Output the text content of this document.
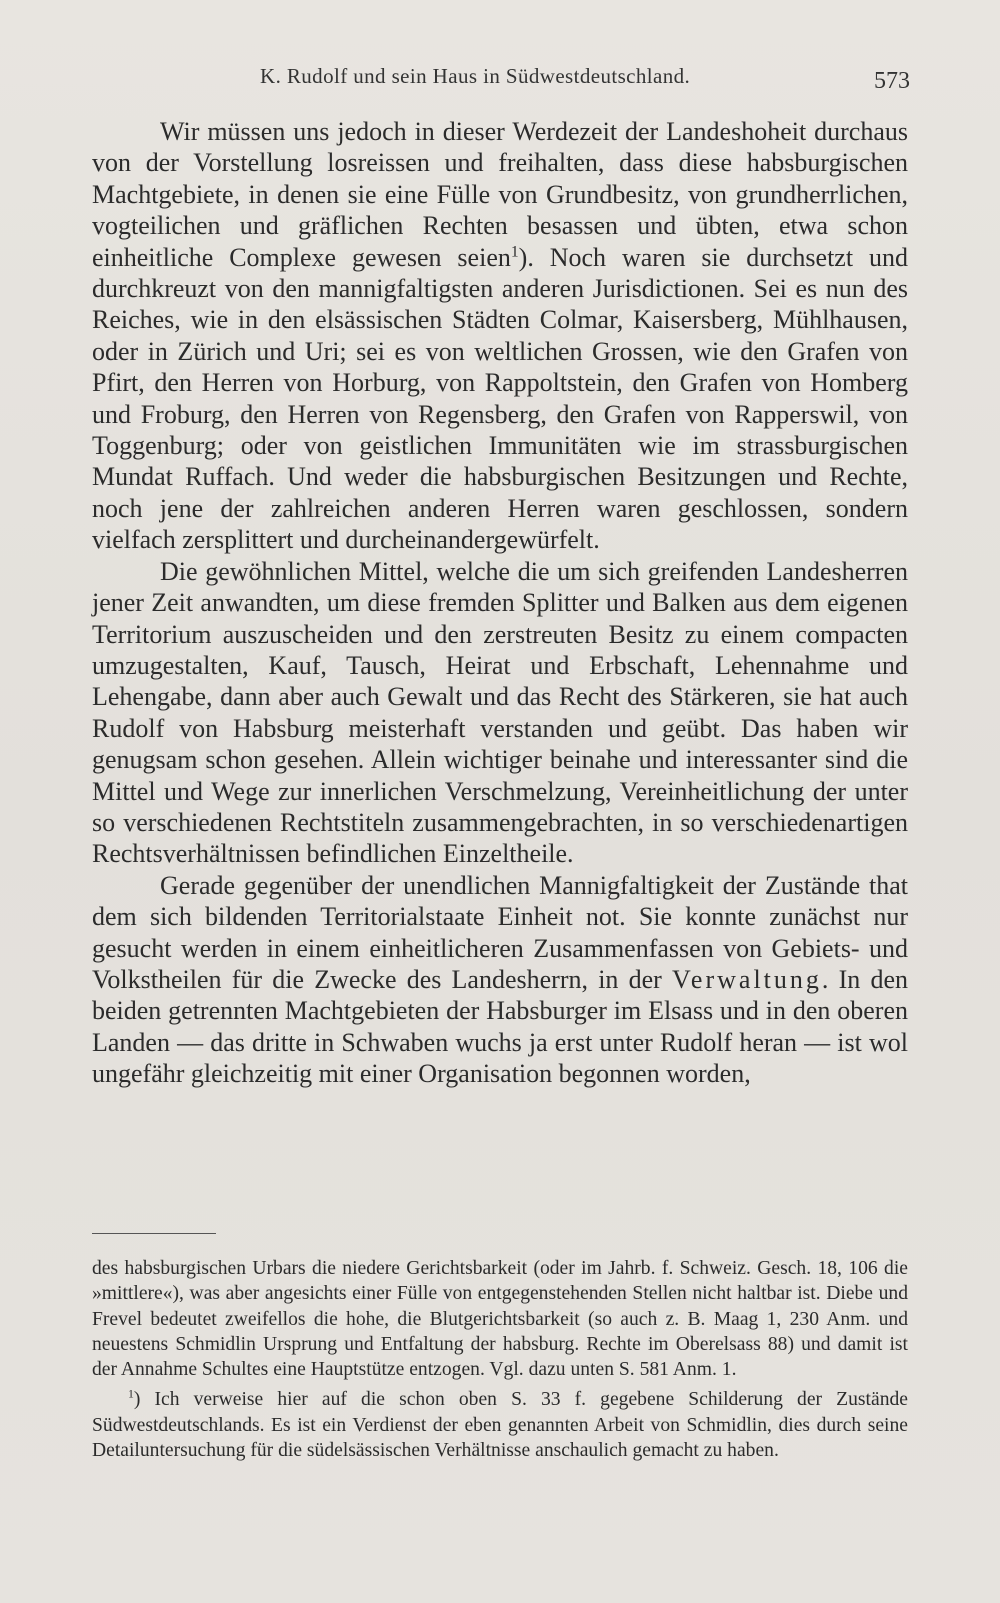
K. Rudolf und sein Haus in Südwestdeutschland.	573

Wir müssen uns jedoch in dieser Werdezeit der Landeshoheit durchaus von der Vorstellung losreissen und freihalten, dass diese habsburgischen Machtgebiete, in denen sie eine Fülle von Grundbesitz, von grundherrlichen, vogteilichen und gräflichen Rechten besassen und übten, etwa schon einheitliche Complexe gewesen seien$^1$). Noch waren sie durchsetzt und durchkreuzt von den mannigfaltigsten anderen Jurisdictionen. Sei es nun des Reiches, wie in den elsässischen Städten Colmar, Kaisersberg, Mühlhausen, oder in Zürich und Uri; sei es von weltlichen Grossen, wie den Grafen von Pfirt, den Herren von Horburg, von Rappoltstein, den Grafen von Homberg und Froburg, den Herren von Regensberg, den Grafen von Rapperswil, von Toggenburg; oder von geistlichen Immunitäten wie im strassburgischen Mundat Ruffach. Und weder die habsburgischen Besitzungen und Rechte, noch jene der zahlreichen anderen Herren waren geschlossen, sondern vielfach zersplittert und durcheinandergewürfelt.

Die gewöhnlichen Mittel, welche die um sich greifenden Landesherren jener Zeit anwandten, um diese fremden Splitter und Balken aus dem eigenen Territorium auszuscheiden und den zerstreuten Besitz zu einem compacten umzugestalten, Kauf, Tausch, Heirat und Erbschaft, Lehennahme und Lehengabe, dann aber auch Gewalt und das Recht des Stärkeren, sie hat auch Rudolf von Habsburg meisterhaft verstanden und geübt. Das haben wir genugsam schon gesehen. Allein wichtiger beinahe und interessanter sind die Mittel und Wege zur innerlichen Verschmelzung, Vereinheitlichung der unter so verschiedenen Rechtstiteln zusammengebrachten, in so verschiedenartigen Rechtsverhältnissen befindlichen Einzeltheile.

Gerade gegenüber der unendlichen Mannigfaltigkeit der Zustände that dem sich bildenden Territorialstaate Einheit not. Sie konnte zunächst nur gesucht werden in einem einheitlicheren Zusammenfassen von Gebiets- und Volkstheilen für die Zwecke des Landesherrn, in der Verwaltung. In den beiden getrennten Machtgebieten der Habsburger im Elsass und in den oberen Landen — das dritte in Schwaben wuchs ja erst unter Rudolf heran — ist wol ungefähr gleichzeitig mit einer Organisation begonnen worden,

des habsburgischen Urbars die niedere Gerichtsbarkeit (oder im Jahrb. f. Schweiz. Gesch. 18, 106 die »mittlere«), was aber angesichts einer Fülle von entgegenstehenden Stellen nicht haltbar ist. Diebe und Frevel bedeutet zweifellos die hohe, die Blutgerichtsbarkeit (so auch z. B. Maag 1, 230 Anm. und neuestens Schmidlin Ursprung und Entfaltung der habsburg. Rechte im Oberelsass 88) und damit ist der Annahme Schultes eine Hauptstütze entzogen. Vgl. dazu unten S. 581 Anm. 1.

$^1$) Ich verweise hier auf die schon oben S. 33 f. gegebene Schilderung der Zustände Südwestdeutschlands. Es ist ein Verdienst der eben genannten Arbeit von Schmidlin, dies durch seine Detailuntersuchung für die südelsässischen Verhältnisse anschaulich gemacht zu haben.
